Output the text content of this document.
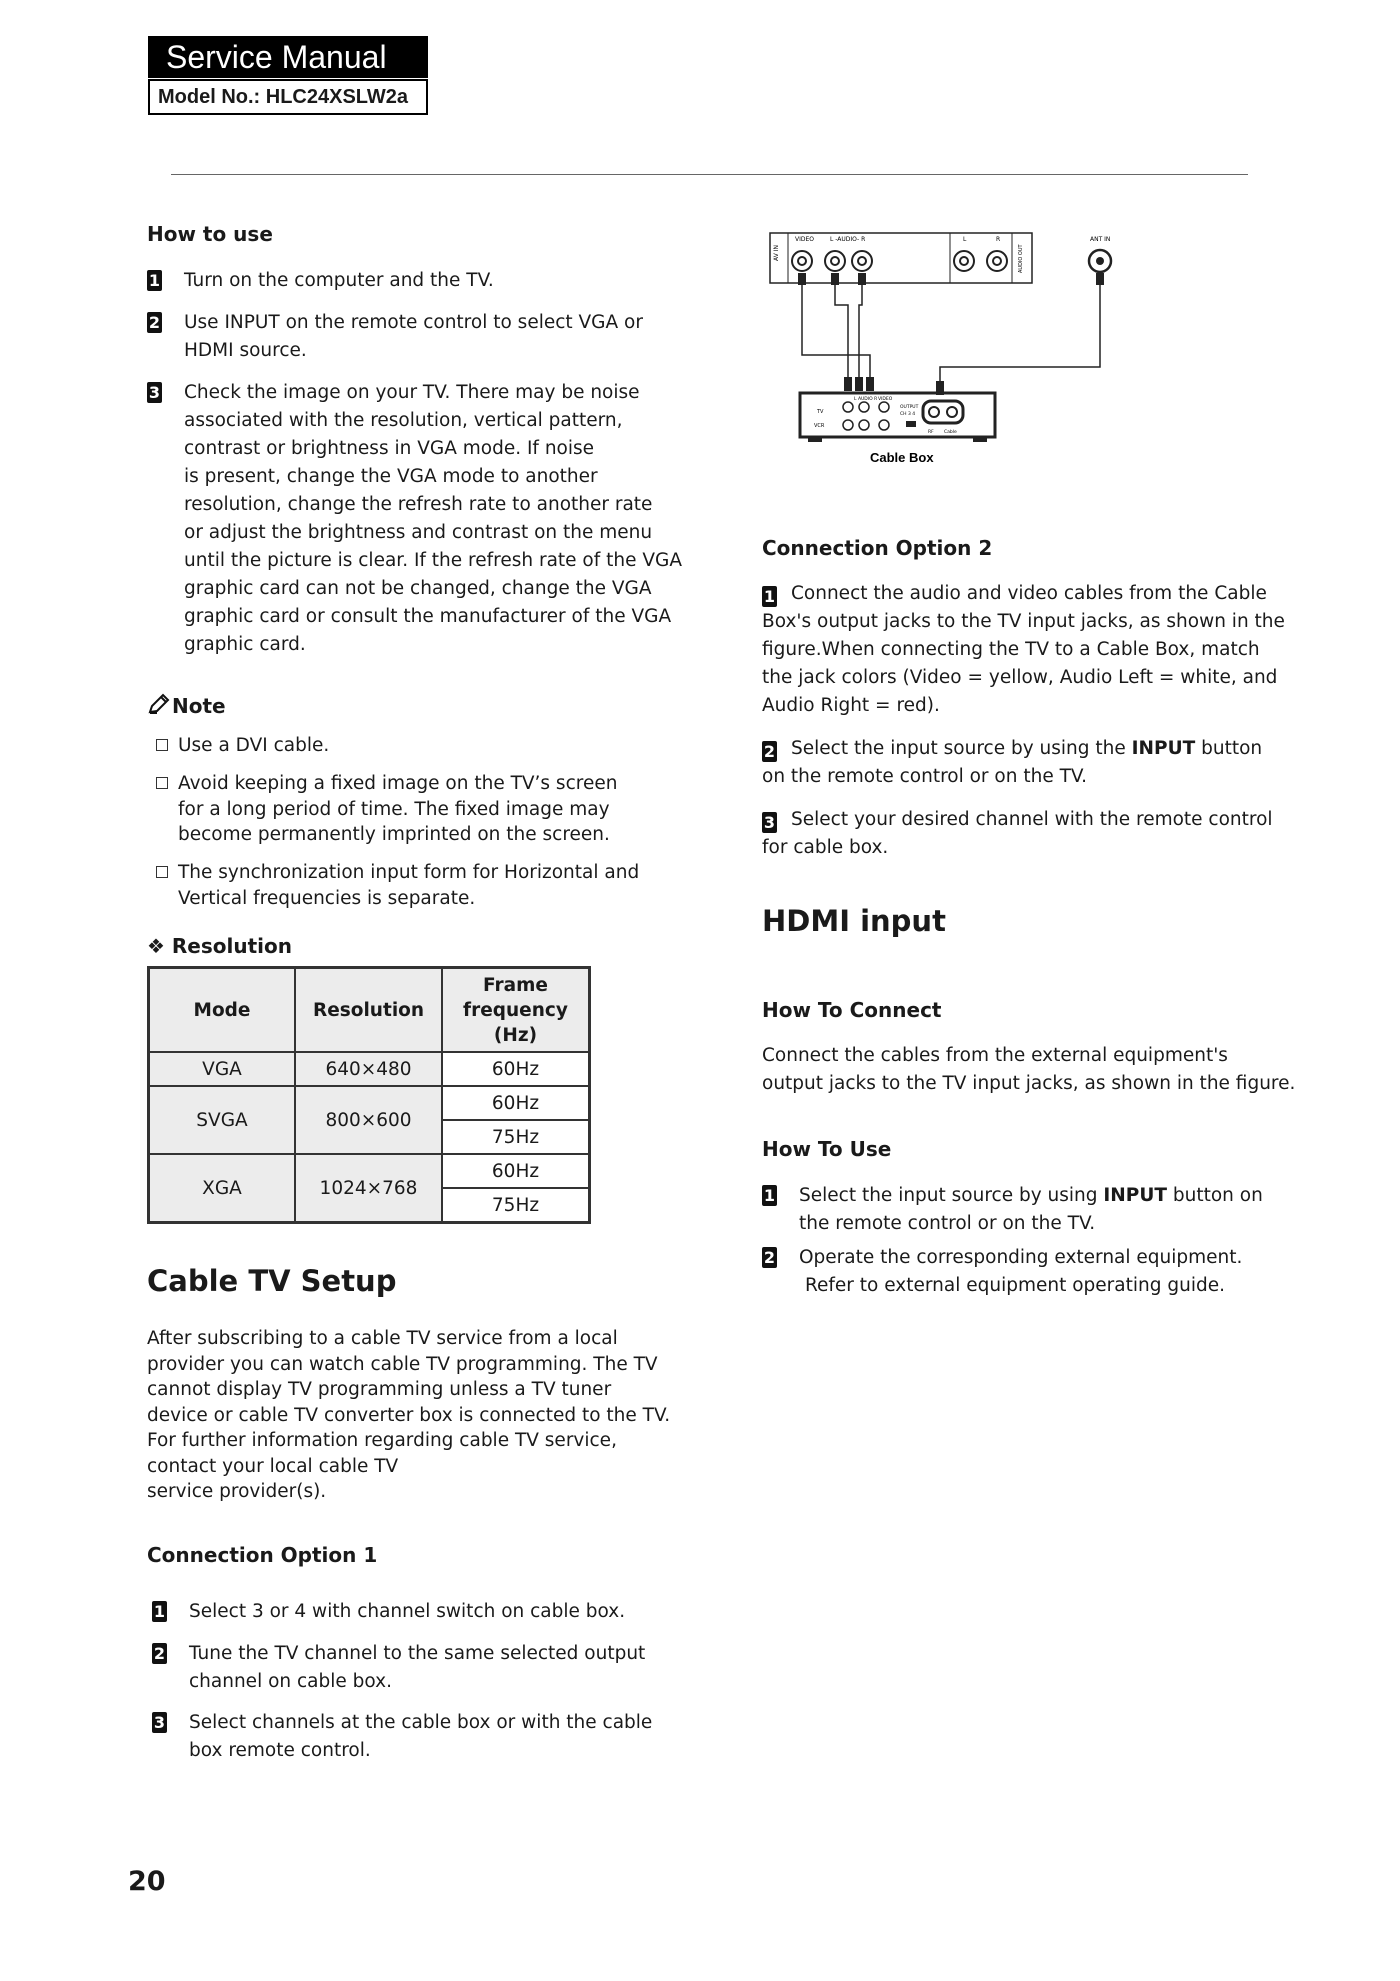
Service Manual
Model No.: HLC24XSLW2a
How to use
1 Turn on the computer and the TV.
2 Use INPUT on the remote control to select VGA or
HDMI source.
3 Check the image on your TV. There may be noise
associated with the resolution, vertical pattern,
contrast or brightness in VGA mode. If noise
is present, change the VGA mode to another
resolution, change the refresh rate to another rate
or adjust the brightness and contrast on the menu
until the picture is clear. If the refresh rate of the VGA
graphic card can not be changed, change the VGA
graphic card or consult the manufacturer of the VGA
graphic card.
Note
Use a DVI cable.
Avoid keeping a fixed image on the TV’s screen
for a long period of time. The fixed image may
become permanently imprinted on the screen.
The synchronization input form for Horizontal and
Vertical frequencies is separate.
❖ Resolution
Mode	Resolution	Frame
frequency
(Hz)

VGA	640×480	60Hz
SVGA	800×600	60Hz
		75Hz
XGA	1024×768	60Hz
		75Hz
Cable TV Setup
After subscribing to a cable TV service from a local
provider you can watch cable TV programming. The TV
cannot display TV programming unless a TV tuner
device or cable TV converter box is connected to the TV.
For further information regarding cable TV service,
contact your local cable TV
service provider(s).
Connection Option 1
1 Select 3 or 4 with channel switch on cable box.
2 Tune the TV channel to the same selected output
channel on cable box.
3 Select channels at the cable box or with the cable
box remote control.
20
AV IN
VIDEO	L -AUDIO- R	L	R
AUDIO OUT
ANT IN
TV
VCR
L AUDIO R VIDEO
OUTPUT
CH 3 4
RF Cable
Cable Box
Connection Option 2
1 Connect the audio and video cables from the Cable
Box's output jacks to the TV input jacks, as shown in the
figure.When connecting the TV to a Cable Box, match
the jack colors (Video = yellow, Audio Left = white, and
Audio Right = red).
2 Select the input source by using the INPUT button
on the remote control or on the TV.
3 Select your desired channel with the remote control
for cable box.
HDMI input
How To Connect
Connect the cables from the external equipment's
output jacks to the TV input jacks, as shown in the figure.
How To Use
1 Select the input source by using INPUT button on
the remote control or on the TV.
2 Operate the corresponding external equipment.
Refer to external equipment operating guide.
